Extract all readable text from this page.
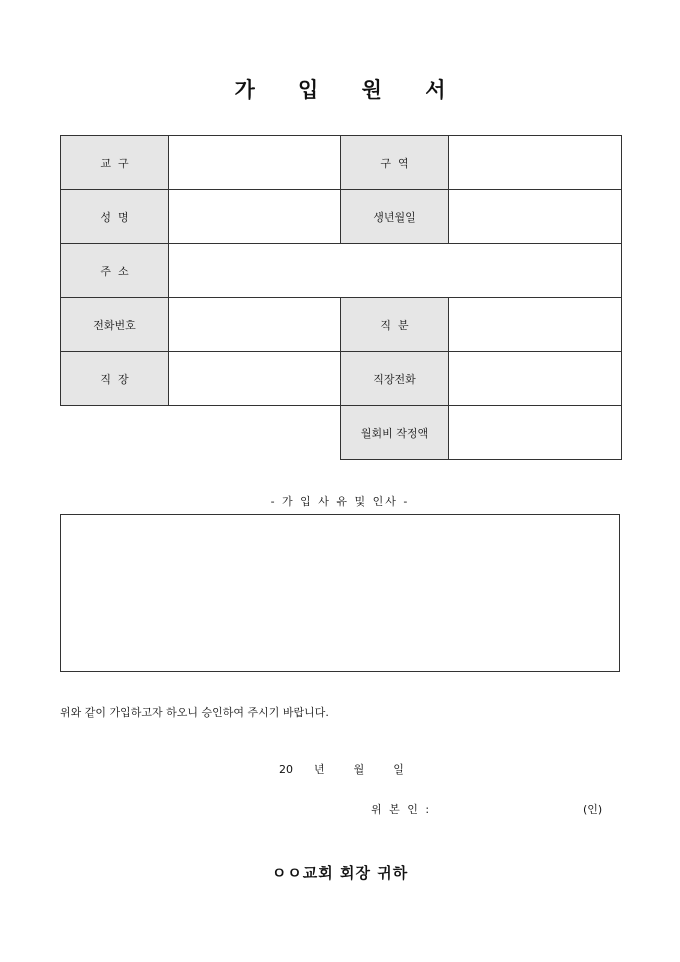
가 입 원 서
교  구		구  역	
성  명		생년월일	
주  소			
전화번호		직  분	
직  장		직장전화	
		월회비 작정액	
- 가 입 사 유 및 인사 -
위와 같이 가입하고자 하오니 승인하여 주시기 바랍니다.
20 년	월	일
위 본 인 :	(인)
ㅇㅇ교회 회장 귀하
